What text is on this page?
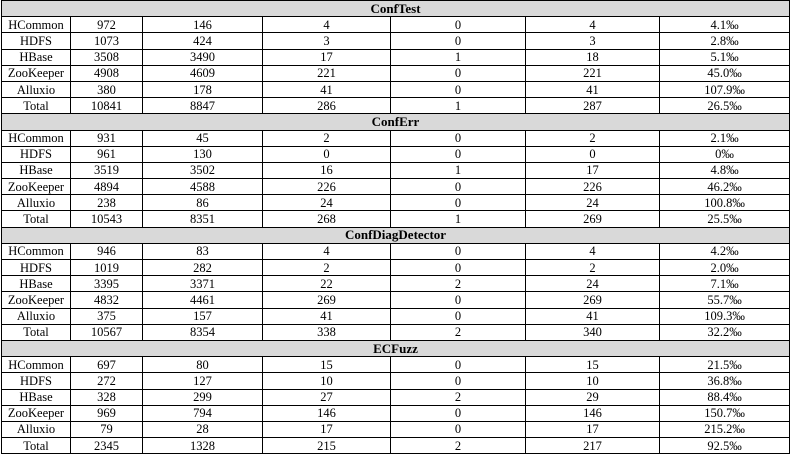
ConfTest						
HCommon	972	146	4	0	4	4.1‰
HDFS	1073	424	3	0	3	2.8‰
HBase	3508	3490	17	1	18	5.1‰
ZooKeeper	4908	4609	221	0	221	45.0‰
Alluxio	380	178	41	0	41	107.9‰
Total	10841	8847	286	1	287	26.5‰
ConfErr						
HCommon	931	45	2	0	2	2.1‰
HDFS	961	130	0	0	0	0‰
HBase	3519	3502	16	1	17	4.8‰
ZooKeeper	4894	4588	226	0	226	46.2‰
Alluxio	238	86	24	0	24	100.8‰
Total	10543	8351	268	1	269	25.5‰
ConfDiagDetector						
HCommon	946	83	4	0	4	4.2‰
HDFS	1019	282	2	0	2	2.0‰
HBase	3395	3371	22	2	24	7.1‰
ZooKeeper	4832	4461	269	0	269	55.7‰
Alluxio	375	157	41	0	41	109.3‰
Total	10567	8354	338	2	340	32.2‰
ECFuzz						
HCommon	697	80	15	0	15	21.5‰
HDFS	272	127	10	0	10	36.8‰
HBase	328	299	27	2	29	88.4‰
ZooKeeper	969	794	146	0	146	150.7‰
Alluxio	79	28	17	0	17	215.2‰
Total	2345	1328	215	2	217	92.5‰
